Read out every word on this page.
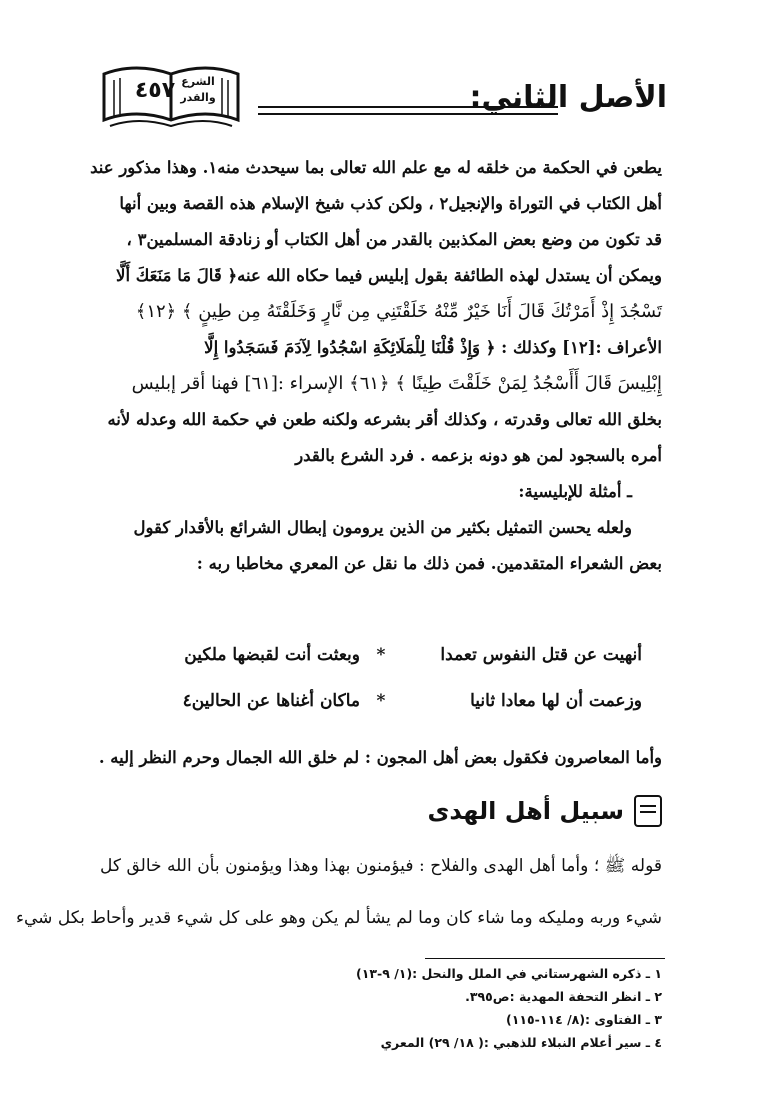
الأصل الثاني:
٤٥٧ الشرع
والقدر
يطعن في الحكمة من خلقه له مع علم الله تعالى بما سيحدث منه١. وهذا مذكور عند
أهل الكتاب في التوراة والإنجيل٢ ، ولكن كذب شيخ الإسلام هذه القصة وبين أنها
قد تكون من وضع بعض المكذبين بالقدر من أهل الكتاب أو زنادقة المسلمين٣ ،
ويمكن أن يستدل لهذه الطائفة بقول إبليس فيما حكاه الله عنه﴿ قَالَ مَا مَنَعَكَ أَلَّا
تَسْجُدَ إِذْ أَمَرْتُكَ قَالَ أَنَا خَيْرٌ مِّنْهُ خَلَقْتَنِي مِن نَّارٍ وَخَلَقْتَهُ مِن طِينٍ ﴾ ﴿١٢﴾
الأعراف :[١٢] وكذلك : ﴿ وَإِذْ قُلْنَا لِلْمَلَائِكَةِ اسْجُدُوا لِآدَمَ فَسَجَدُوا إِلَّا
إِبْلِيسَ قَالَ أَأَسْجُدُ لِمَنْ خَلَقْتَ طِينًا ﴾ ﴿٦١﴾ الإسراء :[٦١] فهنا أقر إبليس
بخلق الله تعالى وقدرته ، وكذلك أقر بشرعه ولكنه طعن في حكمة الله وعدله لأنه
أمره بالسجود لمن هو دونه بزعمه . فرد الشرع بالقدر
ـ أمثلة للإبليسية:
ولعله يحسن التمثيل بكثير من الذين يرومون إبطال الشرائع بالأقدار كقول
بعض الشعراء المتقدمين. فمن ذلك ما نقل عن المعري مخاطبا ربه :
أنهيت عن قتل النفوس تعمدا
*
وبعثت أنت لقبضها ملكين
وزعمت أن لها معادا ثانيا
*
ماكان أغناها عن الحالين٤
وأما المعاصرون فكقول بعض أهل المجون : لم خلق الله الجمال وحرم النظر إليه .
سبيل أهل الهدى
قوله ﷺ ؛ وأما أهل الهدى والفلاح : فيؤمنون بهذا وهذا ويؤمنون بأن الله خالق كل
شيء وربه ومليكه وما شاء كان وما لم يشأ لم يكن وهو على كل شيء قدير وأحاط بكل شيء
١ ـ ذكره الشهرستاني في الملل والنحل :(١/ ٩-١٣)
٢ ـ انظر التحفة المهدية :ص٣٩٥.
٣ ـ الفتاوى :(٨/ ١١٤-١١٥)
٤ ـ سير أعلام النبلاء للذهبي :( ١٨/ ٢٩) المعري
